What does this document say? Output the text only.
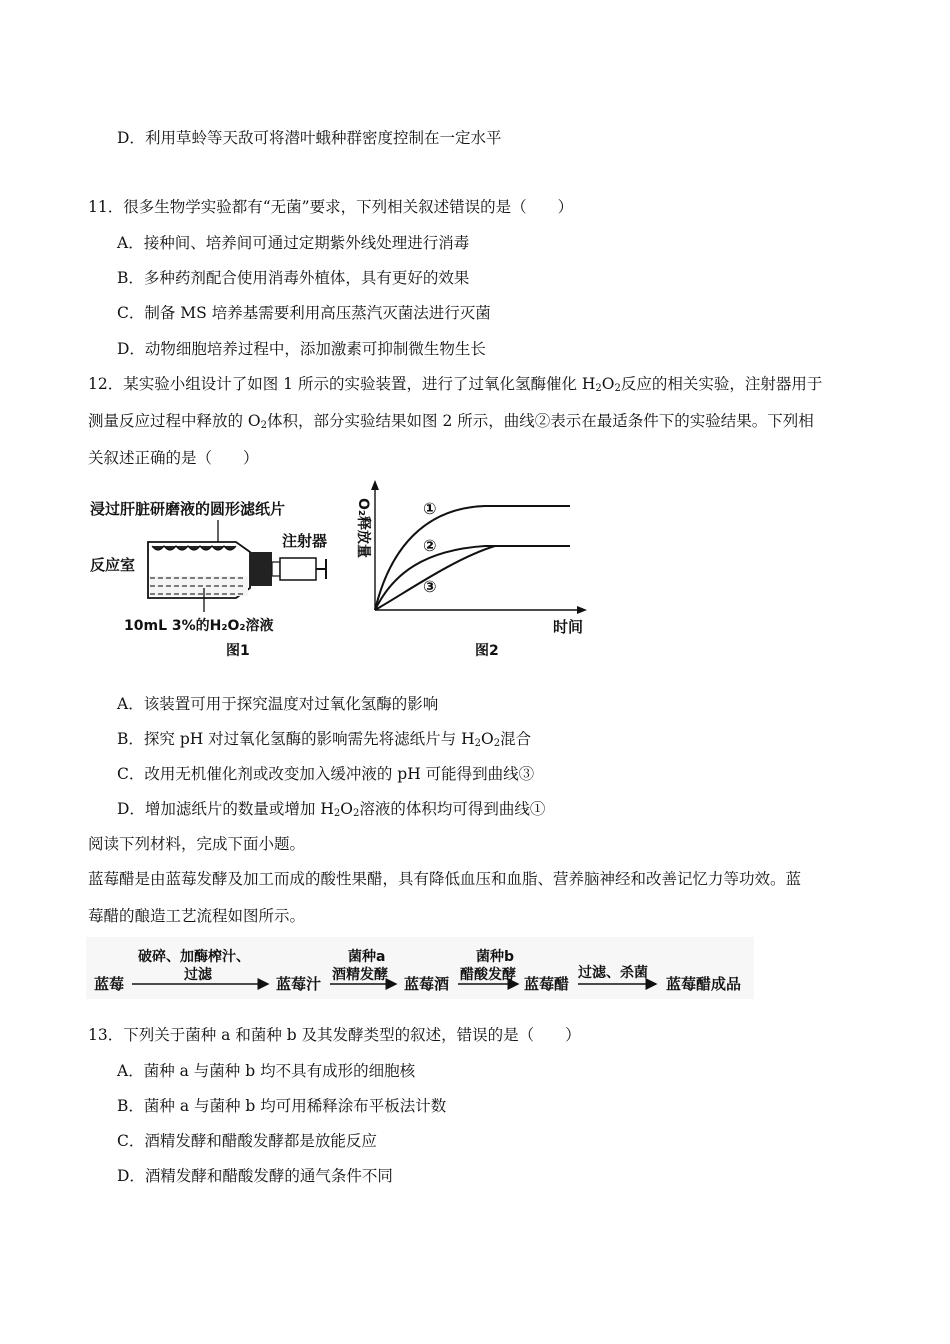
D．利用草蛉等天敌可将潜叶蛾种群密度控制在一定水平
11．很多生物学实验都有“无菌”要求，下列相关叙述错误的是（　　）
A．接种间、培养间可通过定期紫外线处理进行消毒
B．多种药剂配合使用消毒外植体，具有更好的效果
C．制备 MS 培养基需要利用高压蒸汽灭菌法进行灭菌
D．动物细胞培养过程中，添加激素可抑制微生物生长
12．某实验小组设计了如图 1 所示的实验装置，进行了过氧化氢酶催化 $H_2O_2$反应的相关实验，注射器用于
测量反应过程中释放的 $O_2$体积，部分实验结果如图 2 所示，曲线②表示在最适条件下的实验结果。下列相
关叙述正确的是（　　）
浸过肝脏研磨液的圆形滤纸片
注射器
反应室
10mL 3%的H₂O₂溶液
图1
O₂释放量	①
②
③
时间
图2
A．该装置可用于探究温度对过氧化氢酶的影响
B．探究 pH 对过氧化氢酶的影响需先将滤纸片与 $H_2O_2$混合
C．改用无机催化剂或改变加入缓冲液的 pH 可能得到曲线③
D．增加滤纸片的数量或增加 $H_2O_2$溶液的体积均可得到曲线①
阅读下列材料，完成下面小题。
蓝莓醋是由蓝莓发酵及加工而成的酸性果醋，具有降低血压和血脂、营养脑神经和改善记忆力等功效。蓝
莓醋的酿造工艺流程如图所示。
蓝莓
破碎、加酶榨汁、
过滤	蓝莓汁
菌种a
酒精发酵 蓝莓酒
菌种b
醋酸发酵 蓝莓醋
过滤、杀菌
蓝莓醋成品
13．下列关于菌种 a 和菌种 b 及其发酵类型的叙述，错误的是（　　）
A．菌种 a 与菌种 b 均不具有成形的细胞核
B．菌种 a 与菌种 b 均可用稀释涂布平板法计数
C．酒精发酵和醋酸发酵都是放能反应
D．酒精发酵和醋酸发酵的通气条件不同
